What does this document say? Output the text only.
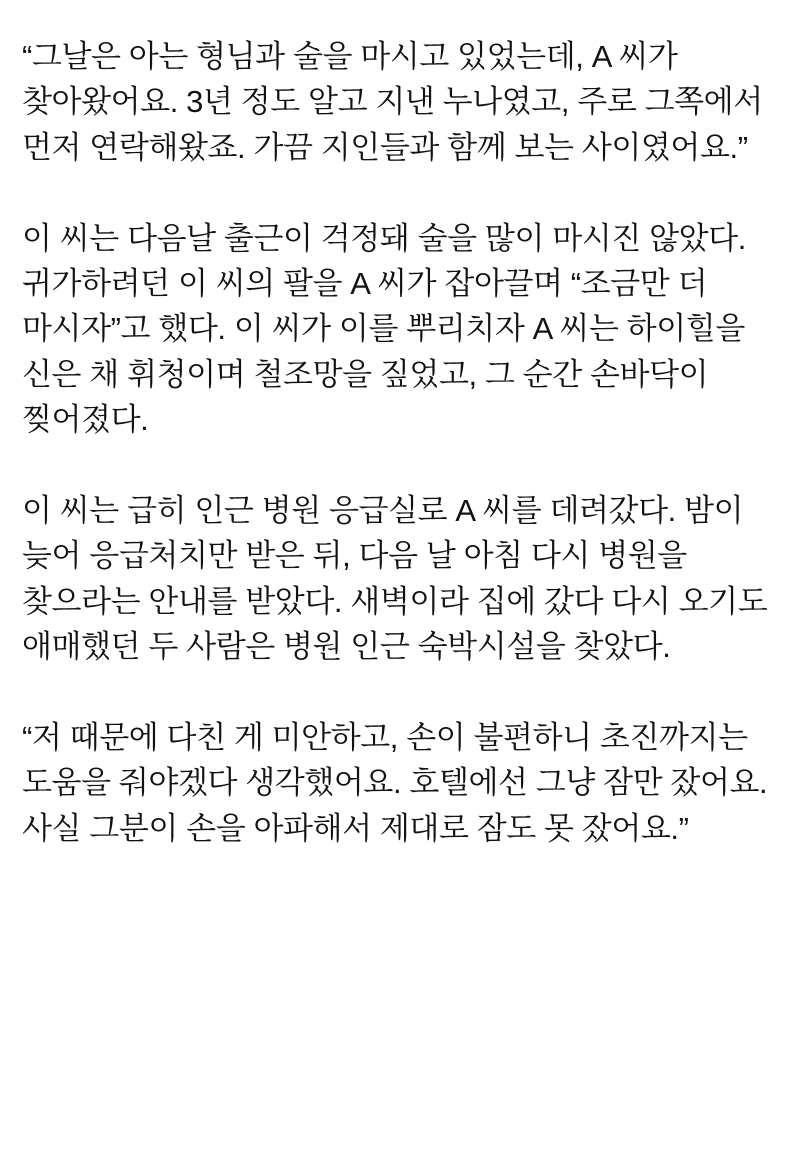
“그날은 아는 형님과 술을 마시고 있었는데, A 씨가 찾아왔어요. 3년 정도 알고 지낸 누나였고, 주로 그쪽에서 먼저 연락해왔죠. 가끔 지인들과 함께 보는 사이였어요.”

이 씨는 다음날 출근이 걱정돼 술을 많이 마시진 않았다. 귀가하려던 이 씨의 팔을 A 씨가 잡아끌며 “조금만 더 마시자”고 했다. 이 씨가 이를 뿌리치자 A 씨는 하이힐을 신은 채 휘청이며 철조망을 짚었고, 그 순간 손바닥이 찢어졌다.

이 씨는 급히 인근 병원 응급실로 A 씨를 데려갔다. 밤이 늦어 응급처치만 받은 뒤, 다음 날 아침 다시 병원을 찾으라는 안내를 받았다. 새벽이라 집에 갔다 다시 오기도 애매했던 두 사람은 병원 인근 숙박시설을 찾았다.

“저 때문에 다친 게 미안하고, 손이 불편하니 초진까지는 도움을 줘야겠다 생각했어요. 호텔에선 그냥 잠만 잤어요. 사실 그분이 손을 아파해서 제대로 잠도 못 잤어요.”
